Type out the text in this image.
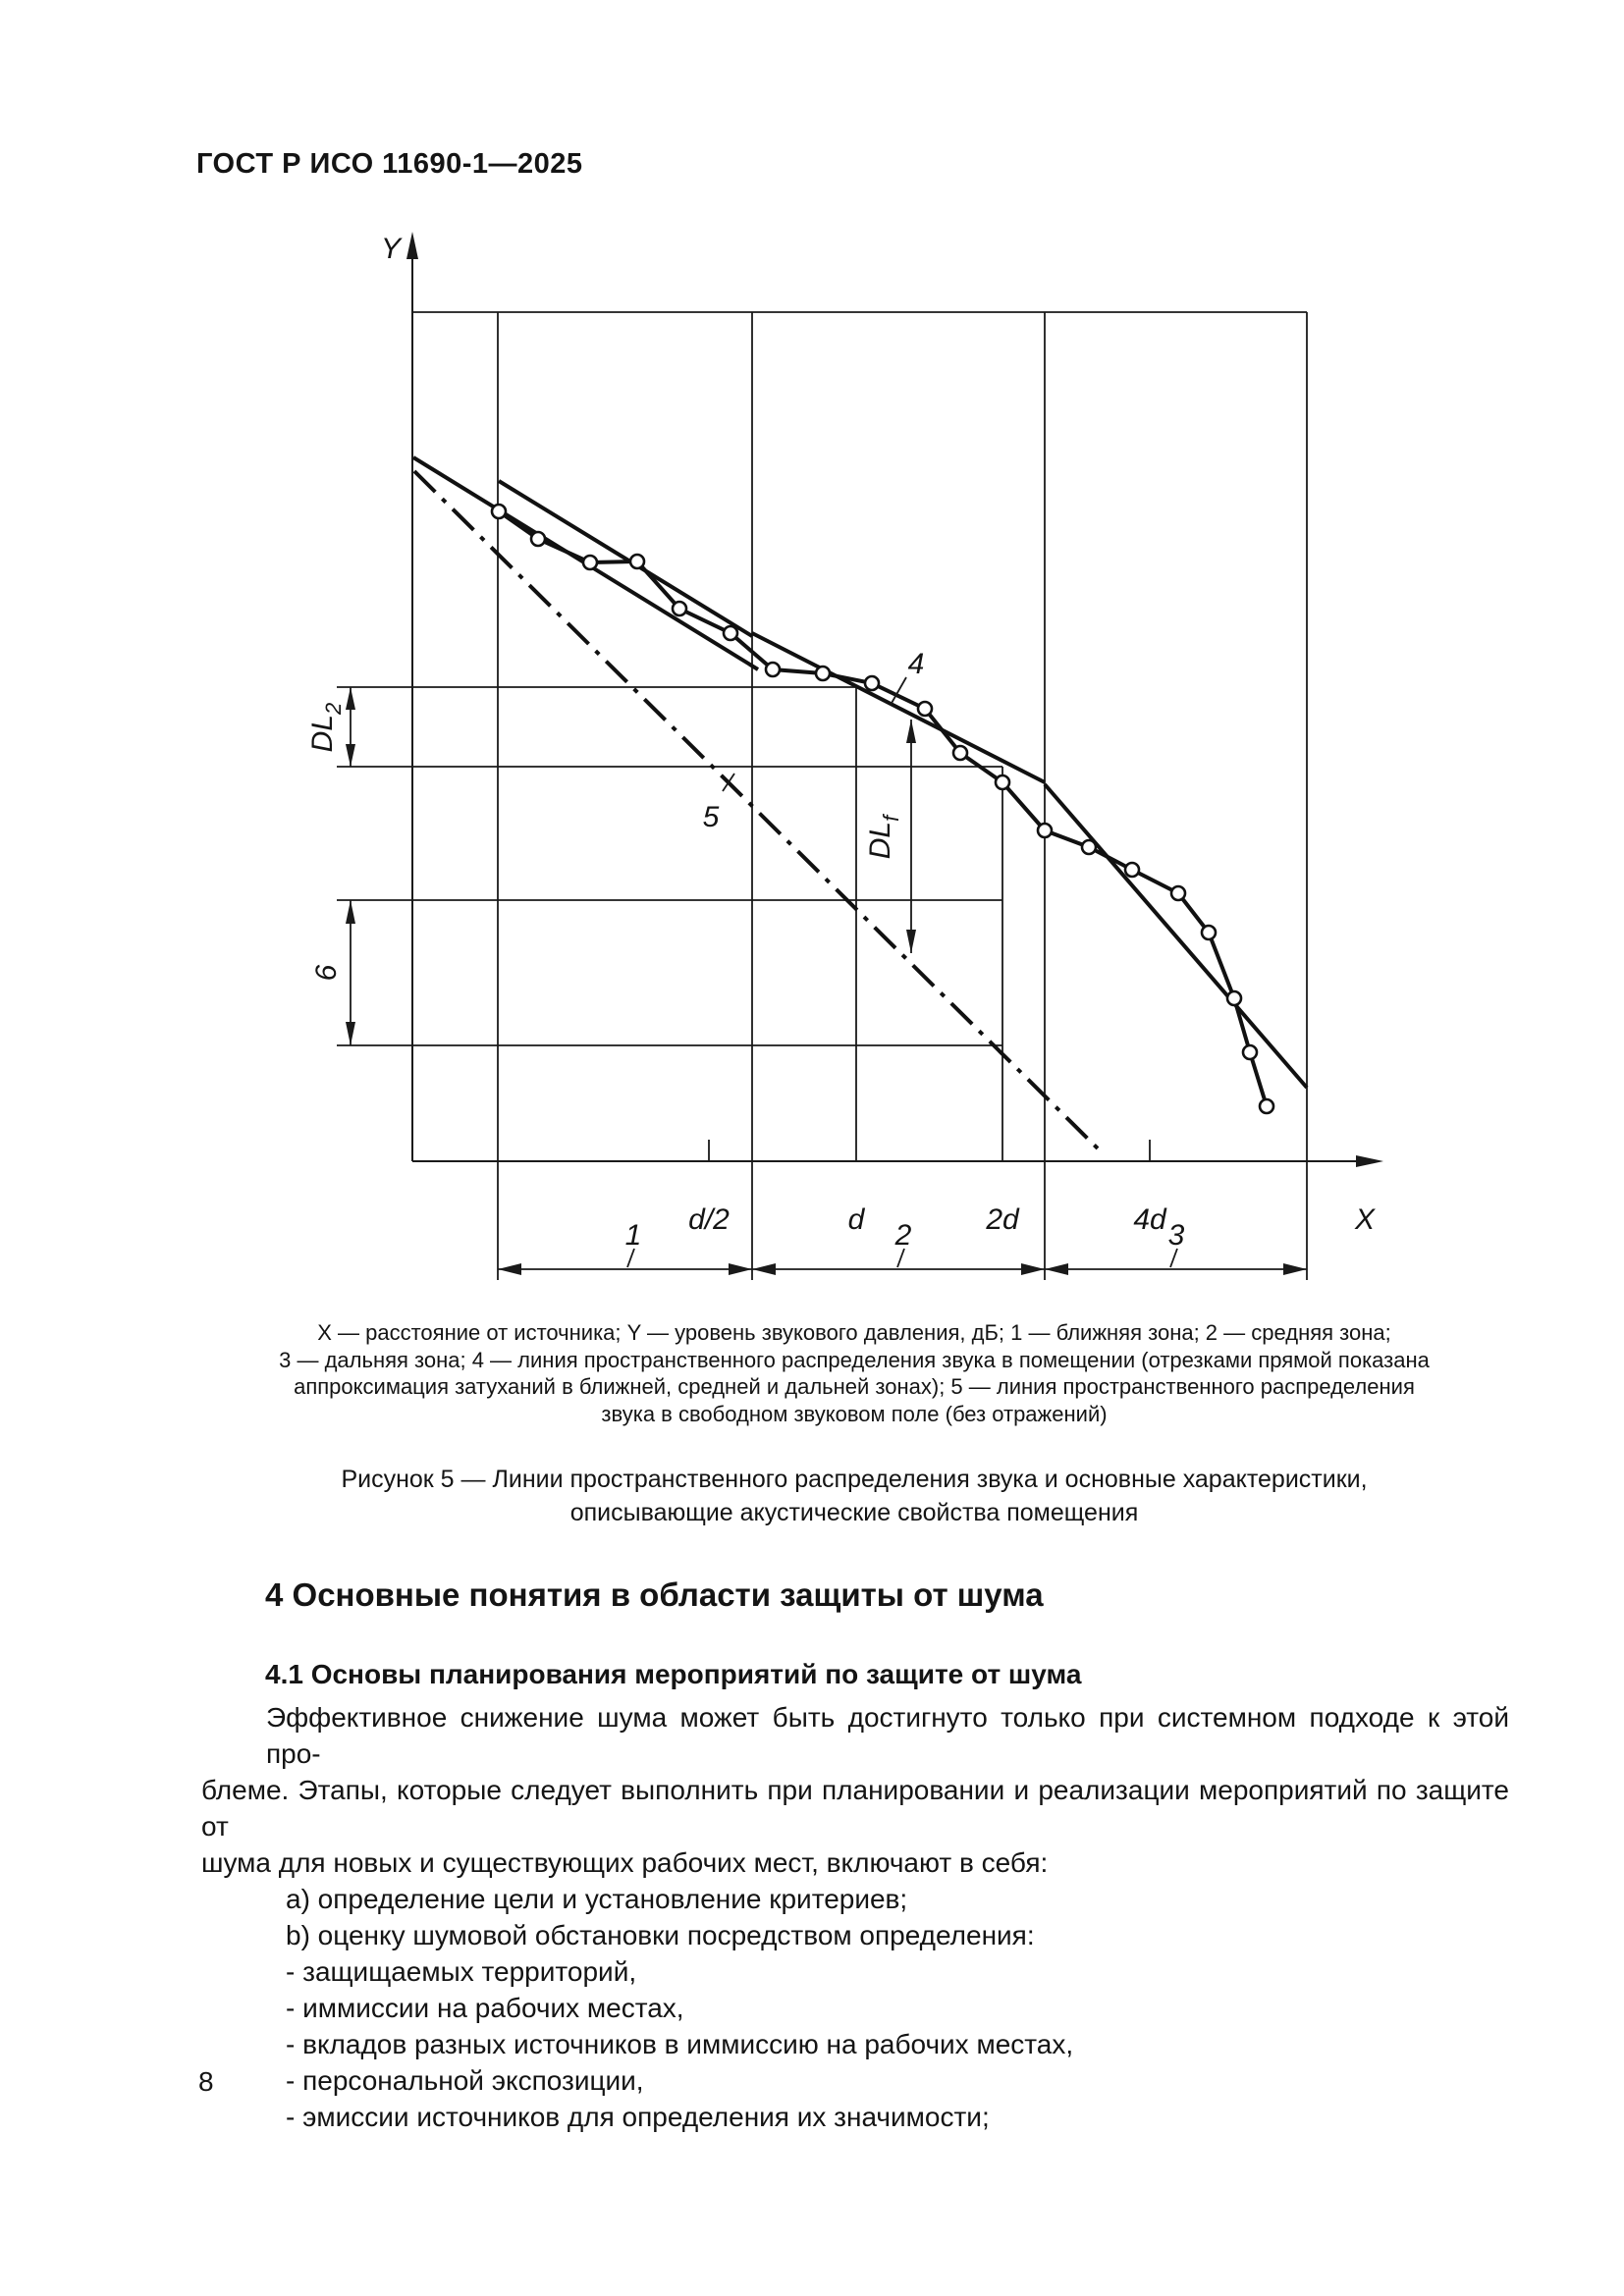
ГОСТ Р ИСО 11690-1—2025
Y
X
d/2	d	2d	4d
1	2	3
4
5
$DL_2$
6
$DL_f$
X — расстояние от источника; Y — уровень звукового давления, дБ; 1 — ближняя зона; 2 — средняя зона;
3 — дальняя зона; 4 — линия пространственного распределения звука в помещении (отрезками прямой показана
аппроксимация затуханий в ближней, средней и дальней зонах); 5 — линия пространственного распределения
звука в свободном звуковом поле (без отражений)
Рисунок 5 — Линии пространственного распределения звука и основные характеристики,
описывающие акустические свойства помещения
4 Основные понятия в области защиты от шума
4.1 Основы планирования мероприятий по защите от шума
Эффективное снижение шума может быть достигнуто только при системном подходе к этой про-
блеме. Этапы, которые следует выполнить при планировании и реализации мероприятий по защите от
шума для новых и существующих рабочих мест, включают в себя:
a) определение цели и установление критериев;
b) оценку шумовой обстановки посредством определения:
- защищаемых территорий,
- иммиссии на рабочих местах,
- вкладов разных источников в иммиссию на рабочих местах,
- персональной экспозиции,
- эмиссии источников для определения их значимости;
8
